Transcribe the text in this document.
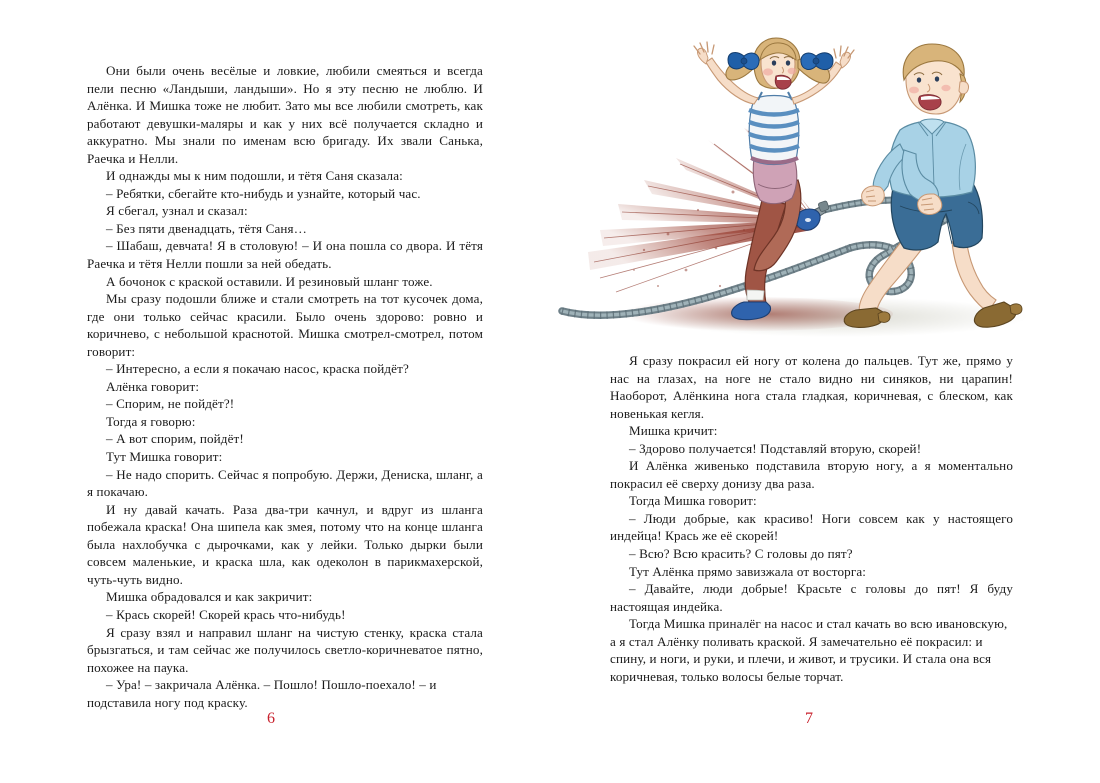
Они были очень весёлые и ловкие, любили смеяться и всегда пели песню «Ландыши, ландыши». Но я эту песню не люблю. И Алёнка. И Мишка тоже не любит. Зато мы все любили смотреть, как работают девушки-маляры и как у них всё получается складно и аккуратно. Мы знали по именам всю бригаду. Их звали Санька, Раечка и Нелли.

И однажды мы к ним подошли, и тётя Саня сказала:

– Ребятки, сбегайте кто-нибудь и узнайте, который час.

Я сбегал, узнал и сказал:

– Без пяти двенадцать, тётя Саня…

– Шабаш, девчата! Я в столовую! – И она пошла со двора. И тётя Раечка и тётя Нелли пошли за ней обедать.

А бочонок с краской оставили. И резиновый шланг тоже.

Мы сразу подошли ближе и стали смотреть на тот кусочек дома, где они только сейчас красили. Было очень здорово: ровно и коричнево, с небольшой краснотой. Мишка смотрел-смотрел, потом говорит:

– Интересно, а если я покачаю насос, краска пойдёт?

Алёнка говорит:

– Спорим, не пойдёт?!

Тогда я говорю:

– А вот спорим, пойдёт!

Тут Мишка говорит:

– Не надо спорить. Сейчас я попробую. Держи, Дениска, шланг, а я покачаю.

И ну давай качать. Раза два-три качнул, и вдруг из шланга побежала краска! Она шипела как змея, потому что на конце шланга была нахлобучка с дырочками, как у лейки. Только дырки были совсем маленькие, и краска шла, как одеколон в парикмахерской, чуть-чуть видно.

Мишка обрадовался и как закричит:

– Крась скорей! Скорей крась что-нибудь!

Я сразу взял и направил шланг на чистую стенку, краска стала брызгаться, и там сейчас же получилось светло-коричневатое пятно, похожее на паука.

– Ура! – закричала Алёнка. – Пошло! Пошло-поехало! – и подставила ногу под краску.

6

Я сразу покрасил ей ногу от колена до пальцев. Тут же, прямо у нас на глазах, на ноге не стало видно ни синяков, ни царапин! Наоборот, Алёнкина нога стала гладкая, коричневая, с блеском, как новенькая кегля.

Мишка кричит:

– Здорово получается! Подставляй вторую, скорей!

И Алёнка живенько подставила вторую ногу, а я моментально покрасил её сверху донизу два раза.

Тогда Мишка говорит:

– Люди добрые, как красиво! Ноги совсем как у настоящего индейца! Крась же её скорей!

– Всю? Всю красить? С головы до пят?

Тут Алёнка прямо завизжала от восторга:

– Давайте, люди добрые! Красьте с головы до пят! Я буду настоящая индейка.

Тогда Мишка приналёг на насос и стал качать во всю ивановскую, а я стал Алёнку поливать краской. Я замечательно её покрасил: и спину, и ноги, и руки, и плечи, и живот, и трусики. И стала она вся коричневая, только волосы белые торчат.

7
